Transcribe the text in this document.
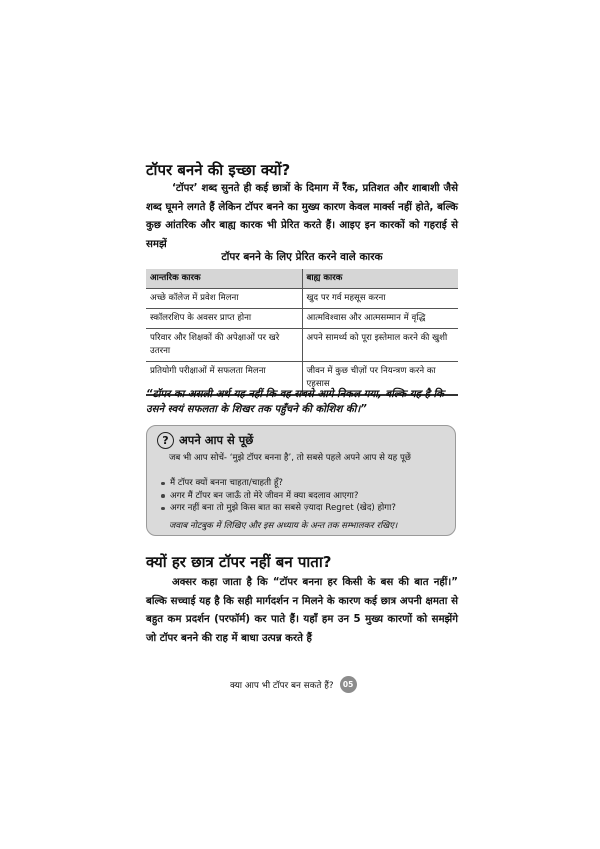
टॉपर बनने की इच्छा क्यों?

‘टॉपर’ शब्द सुनते ही कई छात्रों के दिमाग में रैंक, प्रतिशत और शाबाशी जैसे शब्द घूमने लगते हैं लेकिन टॉपर बनने का मुख्य कारण केवल मार्क्स नहीं होते, बल्कि कुछ आंतरिक और बाह्य कारक भी प्रेरित करते हैं। आइए इन कारकों को गहराई से समझें

टॉपर बनने के लिए प्रेरित करने वाले कारक

आन्तरिक कारक	बाह्य कारक
अच्छे कॉलेज में प्रवेश मिलना	खुद पर गर्व महसूस करना
स्कॉलरशिप के अवसर प्राप्त होना	आत्मविश्वास और आत्मसम्मान में वृद्धि
परिवार और शिक्षकों की अपेक्षाओं पर खरे उतरना	अपने सामर्थ्य को पूरा इस्तेमाल करने की खुशी
प्रतियोगी परीक्षाओं में सफलता मिलना	जीवन में कुछ चीज़ों पर नियन्त्रण करने का एहसास

“टॉपर का असली अर्थ यह नहीं कि वह सबसे आगे निकल गया, बल्कि यह है कि उसने स्वयं सफलता के शिखर तक पहुँचने की कोशिश की।”

? अपने आप से पूछें

जब भी आप सोचें- ‘मुझे टॉपर बनना है’, तो सबसे पहले अपने आप से यह पूछें

मैं टॉपर क्यों बनना चाहता/चाहती हूँ?
अगर मैं टॉपर बन जाऊँ तो मेरे जीवन में क्या बदलाव आएगा?
अगर नहीं बना तो मुझे किस बात का सबसे ज़्यादा Regret (खेद) होगा?

जवाब नोटबुक में लिखिए और इस अध्याय के अन्त तक सम्भालकर रखिए।

क्यों हर छात्र टॉपर नहीं बन पाता?

अक्सर कहा जाता है कि “टॉपर बनना हर किसी के बस की बात नहीं।” बल्कि सच्चाई यह है कि सही मार्गदर्शन न मिलने के कारण कई छात्र अपनी क्षमता से बहुत कम प्रदर्शन (परफॉर्म) कर पाते हैं। यहाँ हम उन 5 मुख्य कारणों को समझेंगे जो टॉपर बनने की राह में बाधा उत्पन्न करते हैं

क्या आप भी टॉपर बन सकते हैं?	05
